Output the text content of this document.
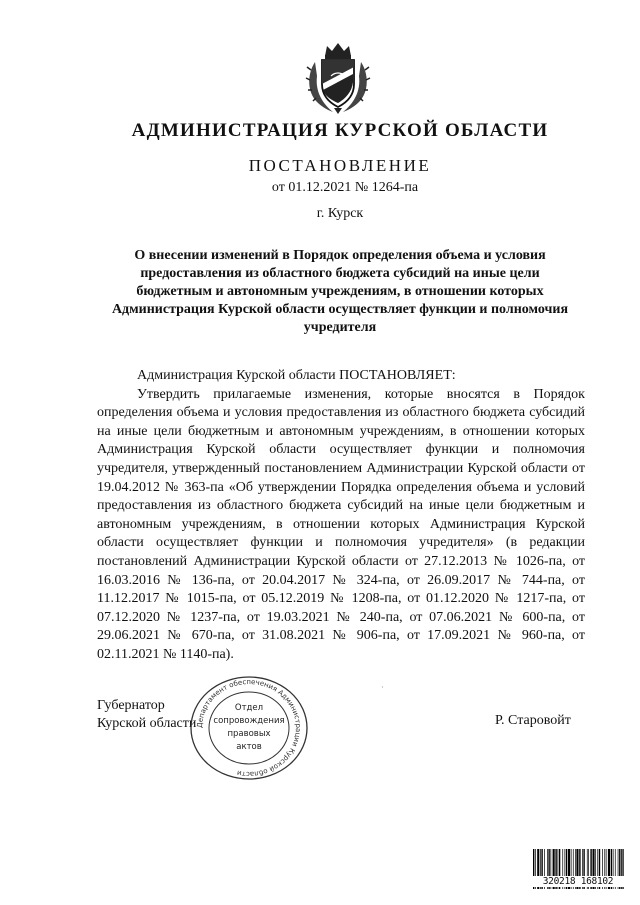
АДМИНИСТРАЦИЯ КУРСКОЙ ОБЛАСТИ
ПОСТАНОВЛЕНИЕ
от 01.12.2021 № 1264-па
г. Курск
О внесении изменений в Порядок определения объема и условия предоставления из областного бюджета субсидий на иные цели бюджетным и автономным учреждениям, в отношении которых Администрация Курской области осуществляет функции и полномочия учредителя

Администрация Курской области ПОСТАНОВЛЯЕТ:

Утвердить прилагаемые изменения, которые вносятся в Порядок определения объема и условия предоставления из областного бюджета субсидий на иные цели бюджетным и автономным учреждениям, в отношении которых Администрация Курской области осуществляет функции и полномочия учредителя, утвержденный постановлением Администрации Курской области от 19.04.2012 № 363-па «Об утверждении Порядка определения объема и условий предоставления из областного бюджета субсидий на иные цели бюджетным и автономным учреждениям, в отношении которых Администрация Курской области осуществляет функции и полномочия учредителя» (в редакции постановлений Администрации Курской области от 27.12.2013 № 1026-па, от 16.03.2016 № 136-па, от 20.04.2017 № 324-па, от 26.09.2017 № 744-па, от 11.12.2017 № 1015-па, от 05.12.2019 № 1208-па, от 01.12.2020 № 1217-па, от 07.12.2020 № 1237-па, от 19.03.2021 № 240-па, от 07.06.2021 № 600-па, от 29.06.2021 № 670-па, от 31.08.2021 № 906-па, от 17.09.2021 № 960-па, от 02.11.2021 № 1140-па).

Губернатор
Курской области Департамент обеспечения Администрации Курской области
Отдел
сопровождения
правовых
актов
Р. Старовойт
·
320218 168102
